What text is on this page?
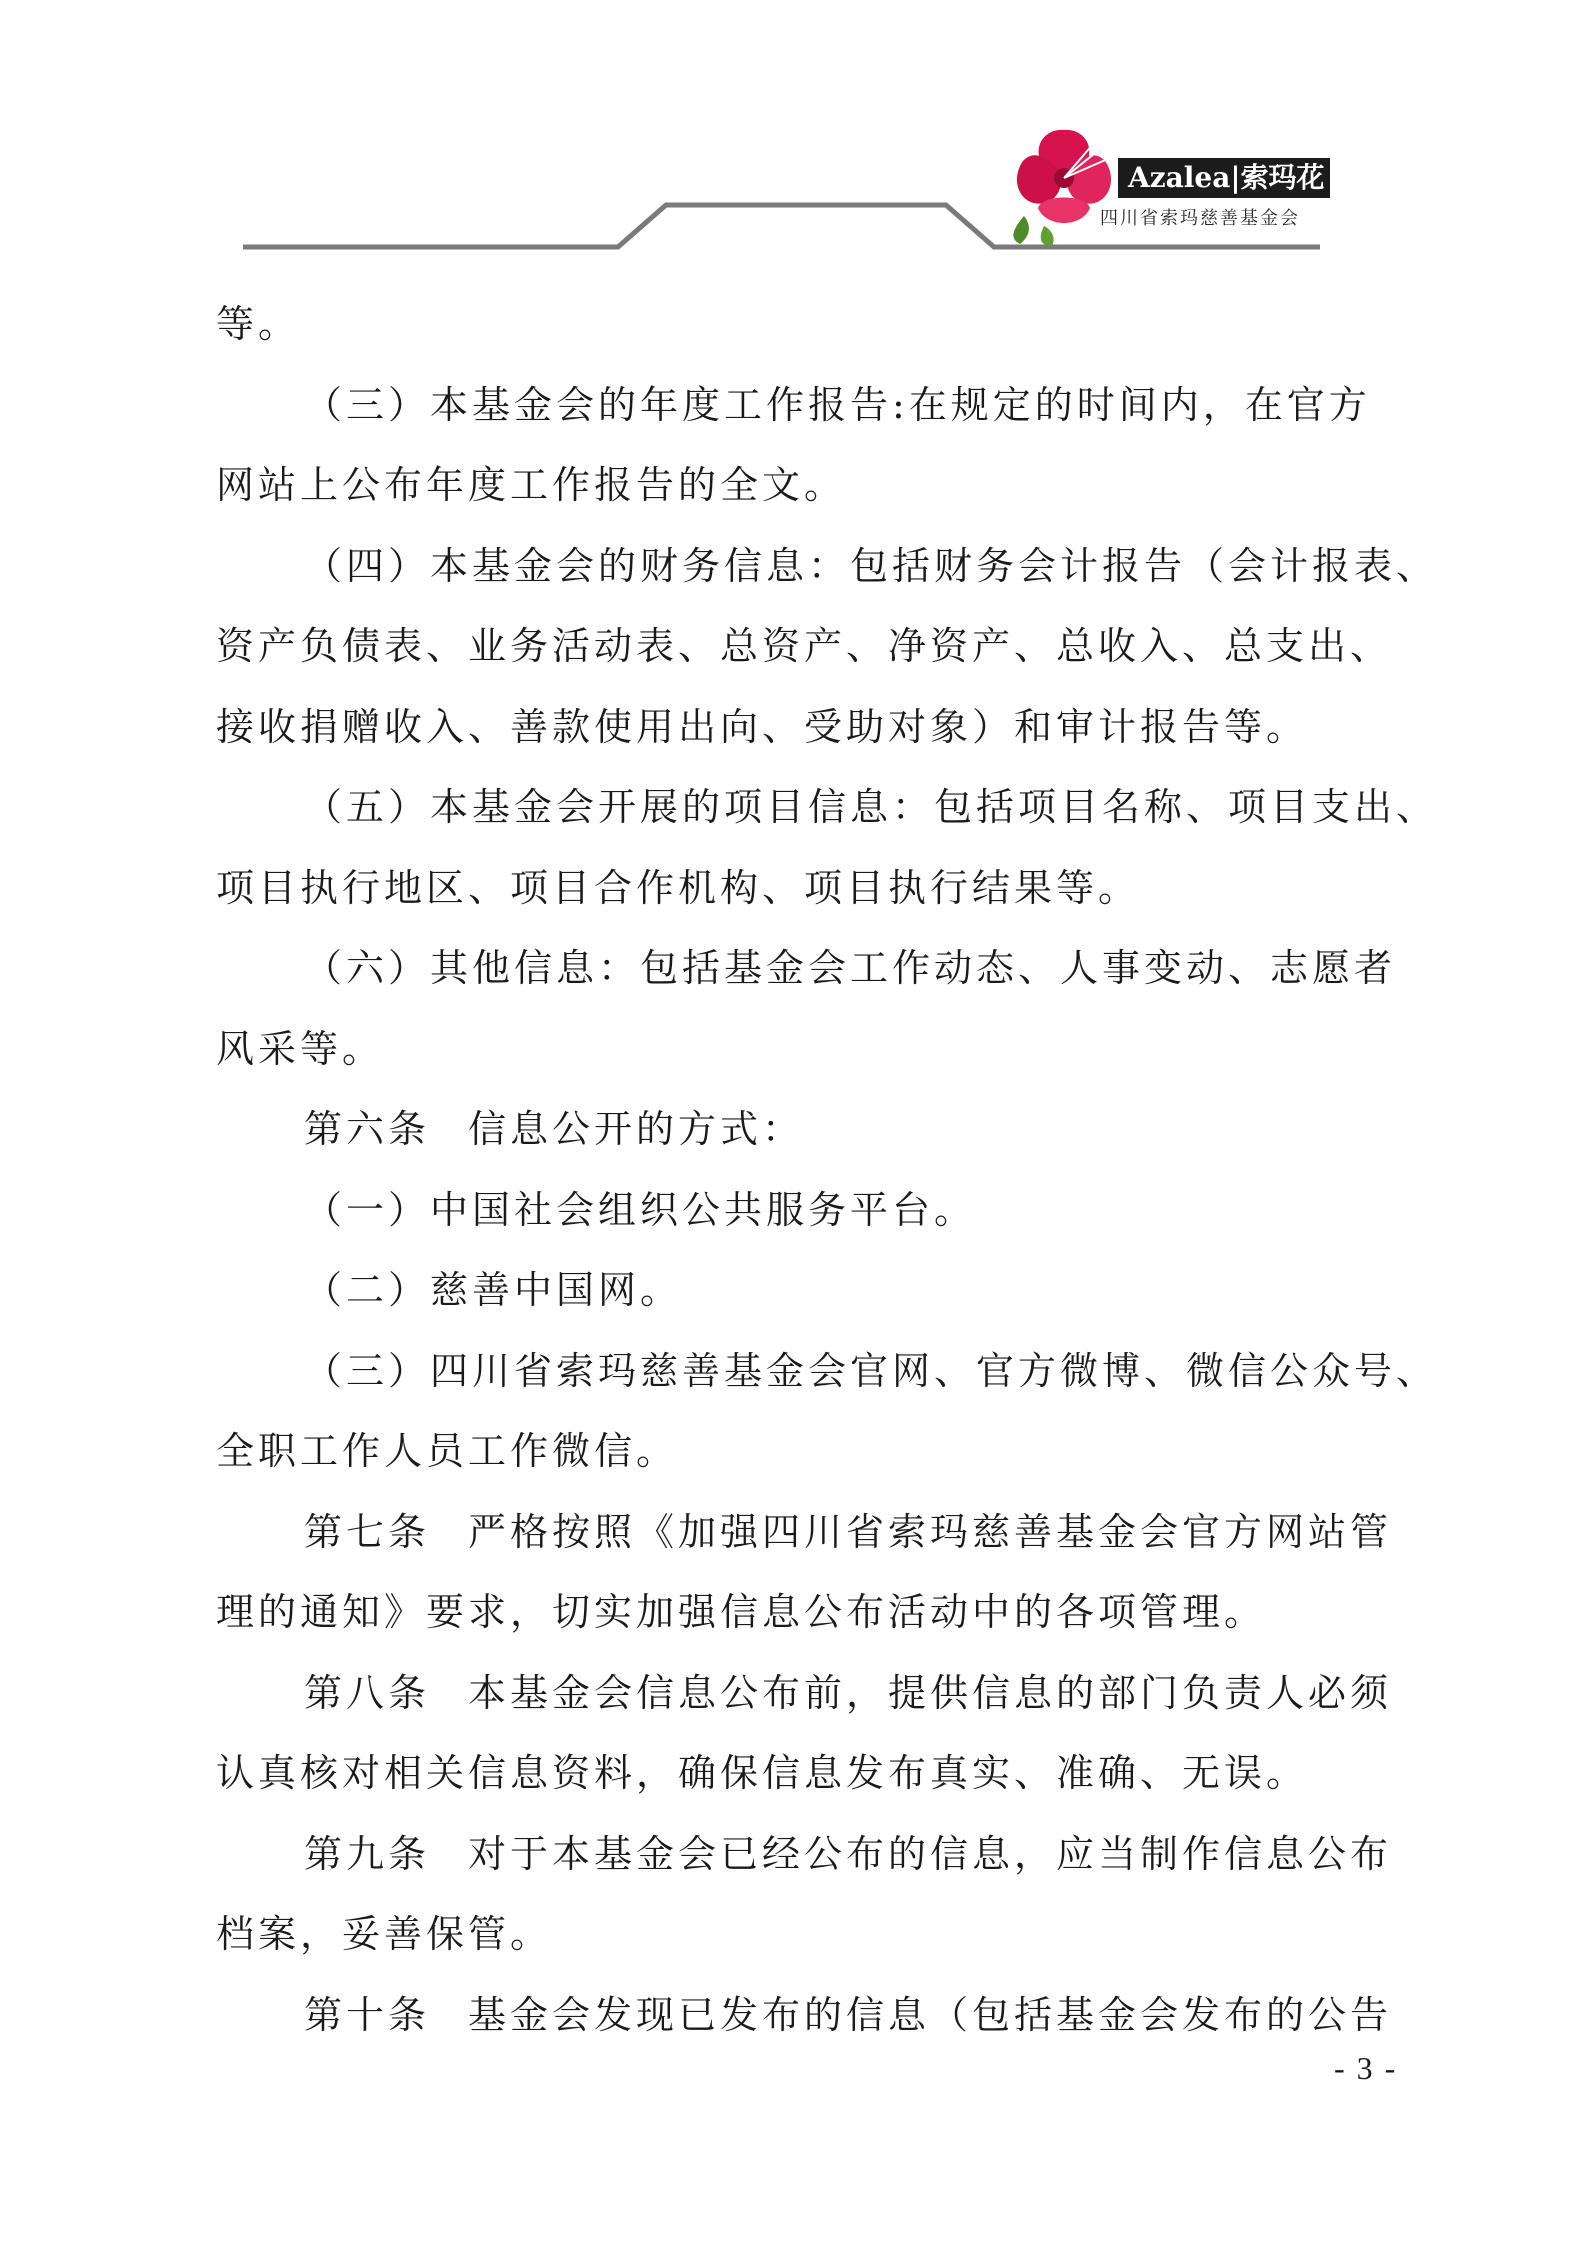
Azalea|索玛花
四川省索玛慈善基金会
等。
（三）本基金会的年度工作报告:在规定的时间内，在官方
网站上公布年度工作报告的全文。
（四）本基金会的财务信息：包括财务会计报告（会计报表、
资产负债表、业务活动表、总资产、净资产、总收入、总支出、
接收捐赠收入、善款使用出向、受助对象）和审计报告等。
（五）本基金会开展的项目信息：包括项目名称、项目支出、
项目执行地区、项目合作机构、项目执行结果等。
（六）其他信息：包括基金会工作动态、人事变动、志愿者
风采等。
第六条 信息公开的方式：
（一）中国社会组织公共服务平台。
（二）慈善中国网。
（三）四川省索玛慈善基金会官网、官方微博、微信公众号、
全职工作人员工作微信。
第七条 严格按照《加强四川省索玛慈善基金会官方网站管
理的通知》要求，切实加强信息公布活动中的各项管理。
第八条 本基金会信息公布前，提供信息的部门负责人必须
认真核对相关信息资料，确保信息发布真实、准确、无误。
第九条 对于本基金会已经公布的信息，应当制作信息公布
档案，妥善保管。
第十条 基金会发现已发布的信息（包括基金会发布的公告
- 3 -
